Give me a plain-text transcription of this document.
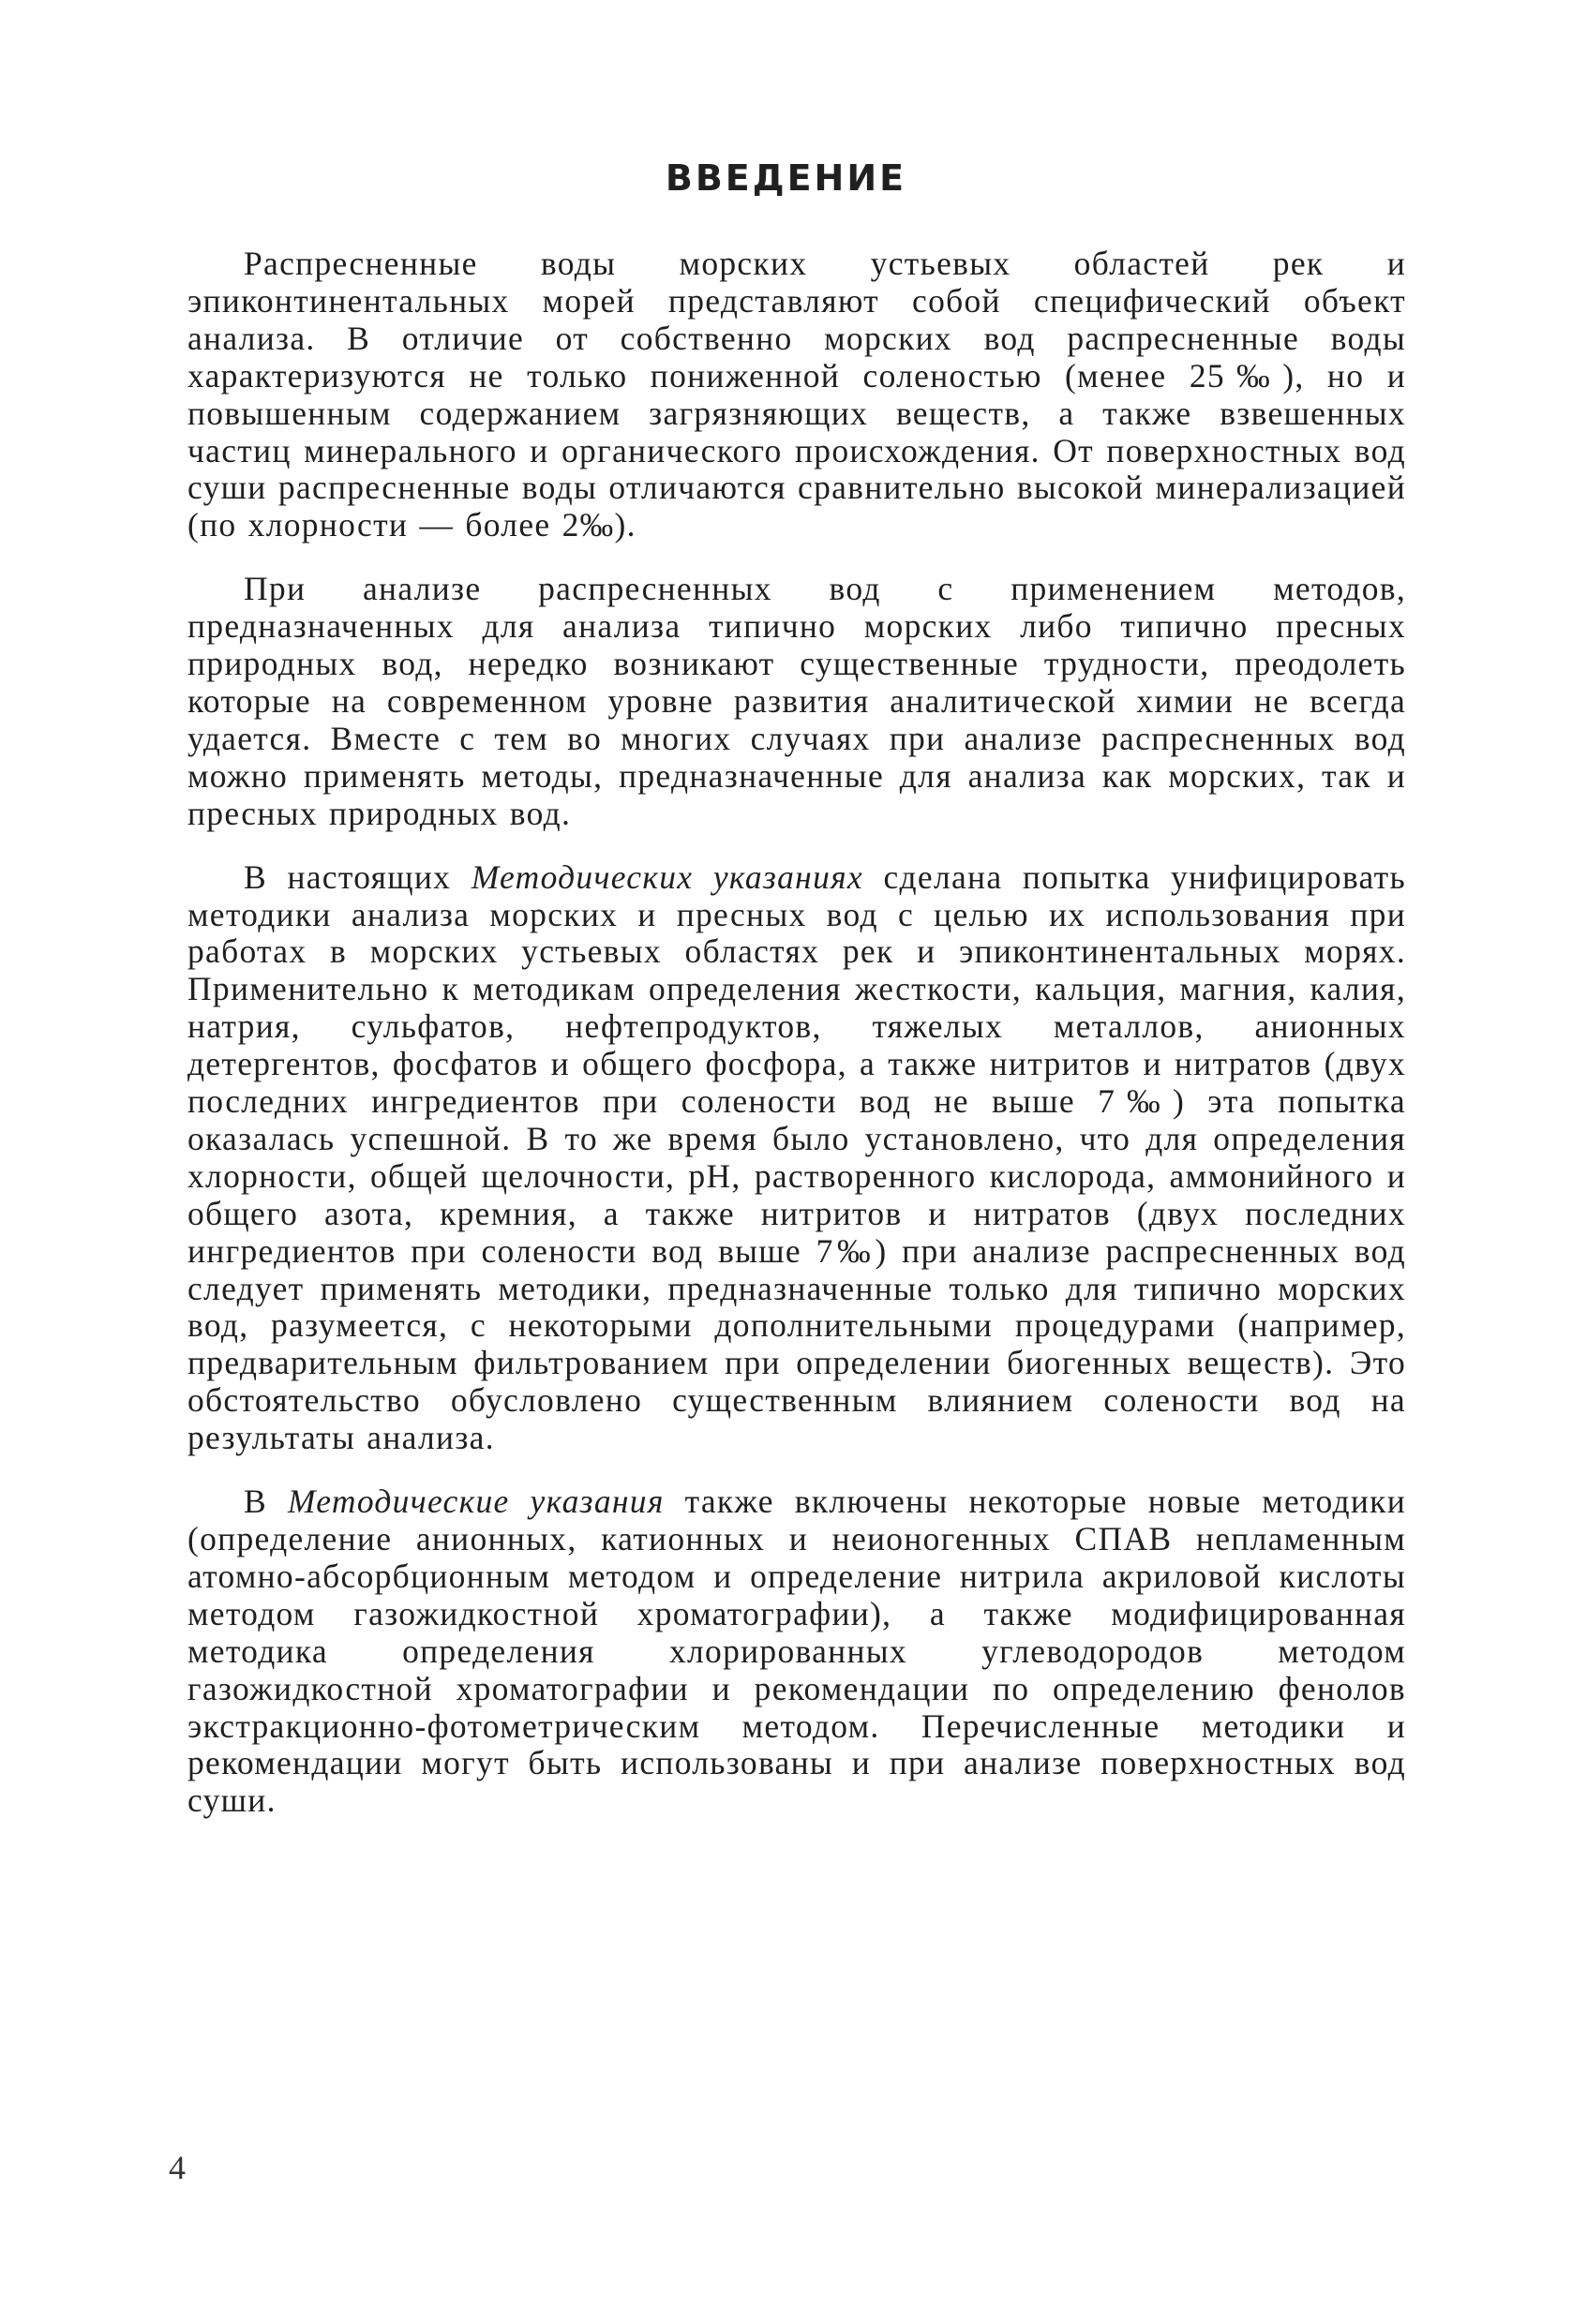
ВВЕДЕНИЕ

Распресненные воды морских устьевых областей рек и эпиконтинентальных морей представляют собой специфический объект анализа. В отличие от собственно морских вод распресненные воды характеризуются не только пониженной соленостью (менее 25‰), но и повышенным содержанием загрязняющих веществ, а также взвешенных частиц минерального и органического происхождения. От поверхностных вод суши распресненные воды отличаются сравнительно высокой минерализацией (по хлорности — более 2‰).

При анализе распресненных вод с применением методов, предназначенных для анализа типично морских либо типично пресных природных вод, нередко возникают существенные трудности, преодолеть которые на современном уровне развития аналитической химии не всегда удается. Вместе с тем во многих случаях при анализе распресненных вод можно применять методы, предназначенные для анализа как морских, так и пресных природных вод.

В настоящих Методических указаниях сделана попытка унифицировать методики анализа морских и пресных вод с целью их использования при работах в морских устьевых областях рек и эпиконтинентальных морях. Применительно к методикам определения жесткости, кальция, магния, калия, натрия, сульфатов, нефтепродуктов, тяжелых металлов, анионных детергентов, фосфатов и общего фосфора, а также нитритов и нитратов (двух последних ингредиентов при солености вод не выше 7‰) эта попытка оказалась успешной. В то же время было установлено, что для определения хлорности, общей щелочности, pH, растворенного кислорода, аммонийного и общего азота, кремния, а также нитритов и нитратов (двух последних ингредиентов при солености вод выше 7‰) при анализе распресненных вод следует применять методики, предназначенные только для типично морских вод, разумеется, с некоторыми дополнительными процедурами (например, предварительным фильтрованием при определении биогенных веществ). Это обстоятельство обусловлено существенным влиянием солености вод на результаты анализа.

В Методические указания также включены некоторые новые методики (определение анионных, катионных и неионогенных СПАВ непламенным атомно-абсорбционным методом и определение нитрила акриловой кислоты методом газожидкостной хроматографии), а также модифицированная методика определения хлорированных углеводородов методом газожидкостной хроматографии и рекомендации по определению фенолов экстракционно-фотометрическим методом. Перечисленные методики и рекомендации могут быть использованы и при анализе поверхностных вод суши.

4
